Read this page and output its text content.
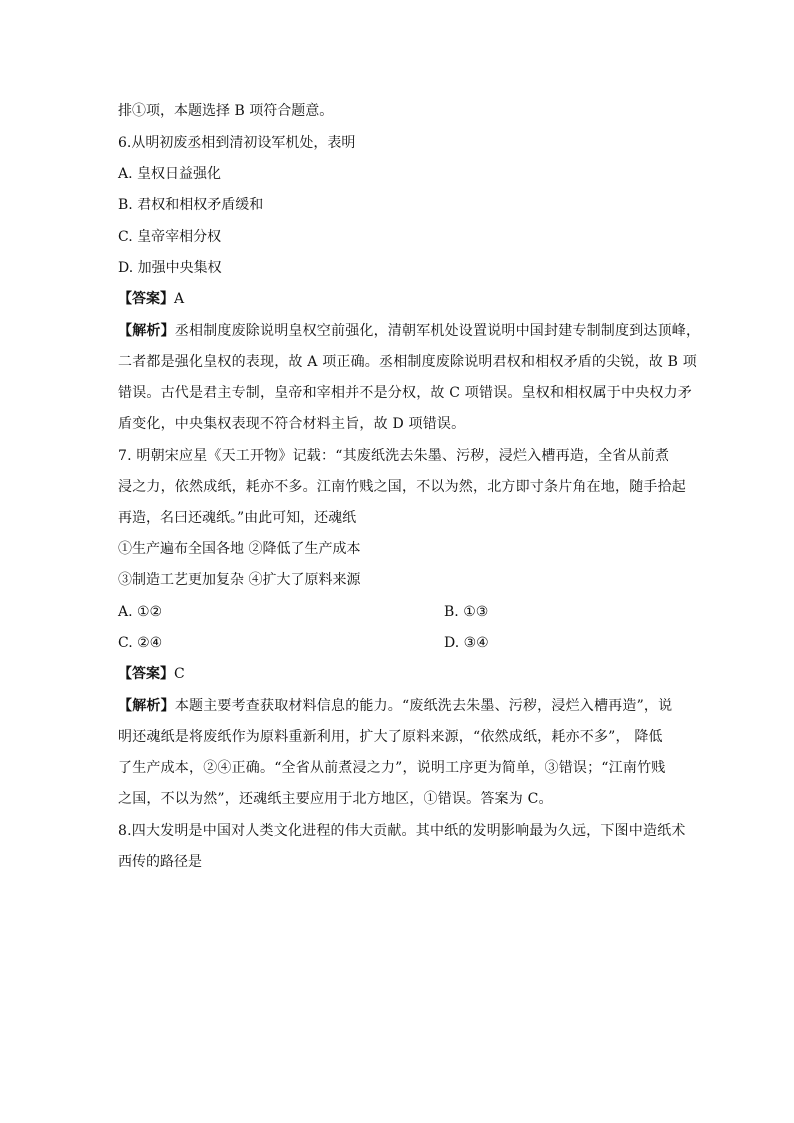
排①项，本题选择 B 项符合题意。
6.从明初废丞相到清初设军机处，表明
A. 皇权日益强化
B. 君权和相权矛盾缓和
C. 皇帝宰相分权
D. 加强中央集权
【答案】A
【解析】丞相制度废除说明皇权空前强化，清朝军机处设置说明中国封建专制制度到达顶峰，
二者都是强化皇权的表现，故 A 项正确。丞相制度废除说明君权和相权矛盾的尖锐，故 B 项
错误。古代是君主专制，皇帝和宰相并不是分权，故 C 项错误。皇权和相权属于中央权力矛
盾变化，中央集权表现不符合材料主旨，故 D 项错误。
7. 明朝宋应星《天工开物》记载：“其废纸洗去朱墨、污秽，浸烂入槽再造，全省从前煮
浸之力，依然成纸，耗亦不多。江南竹贱之国，不以为然，北方即寸条片角在地，随手拾起
再造，名曰还魂纸。”由此可知，还魂纸
①生产遍布全国各地 ②降低了生产成本
③制造工艺更加复杂 ④扩大了原料来源
A. ①②	B. ①③
C. ②④	D. ③④
【答案】C
【解析】本题主要考查获取材料信息的能力。“废纸洗去朱墨、污秽，浸烂入槽再造”，说
明还魂纸是将废纸作为原料重新利用，扩大了原料来源，“依然成纸，耗亦不多”， 降低
了生产成本，②④正确。“全省从前煮浸之力”，说明工序更为简单，③错误；“江南竹贱
之国，不以为然”，还魂纸主要应用于北方地区，①错误。答案为 C。
8.四大发明是中国对人类文化进程的伟大贡献。其中纸的发明影响最为久远，下图中造纸术
西传的路径是
